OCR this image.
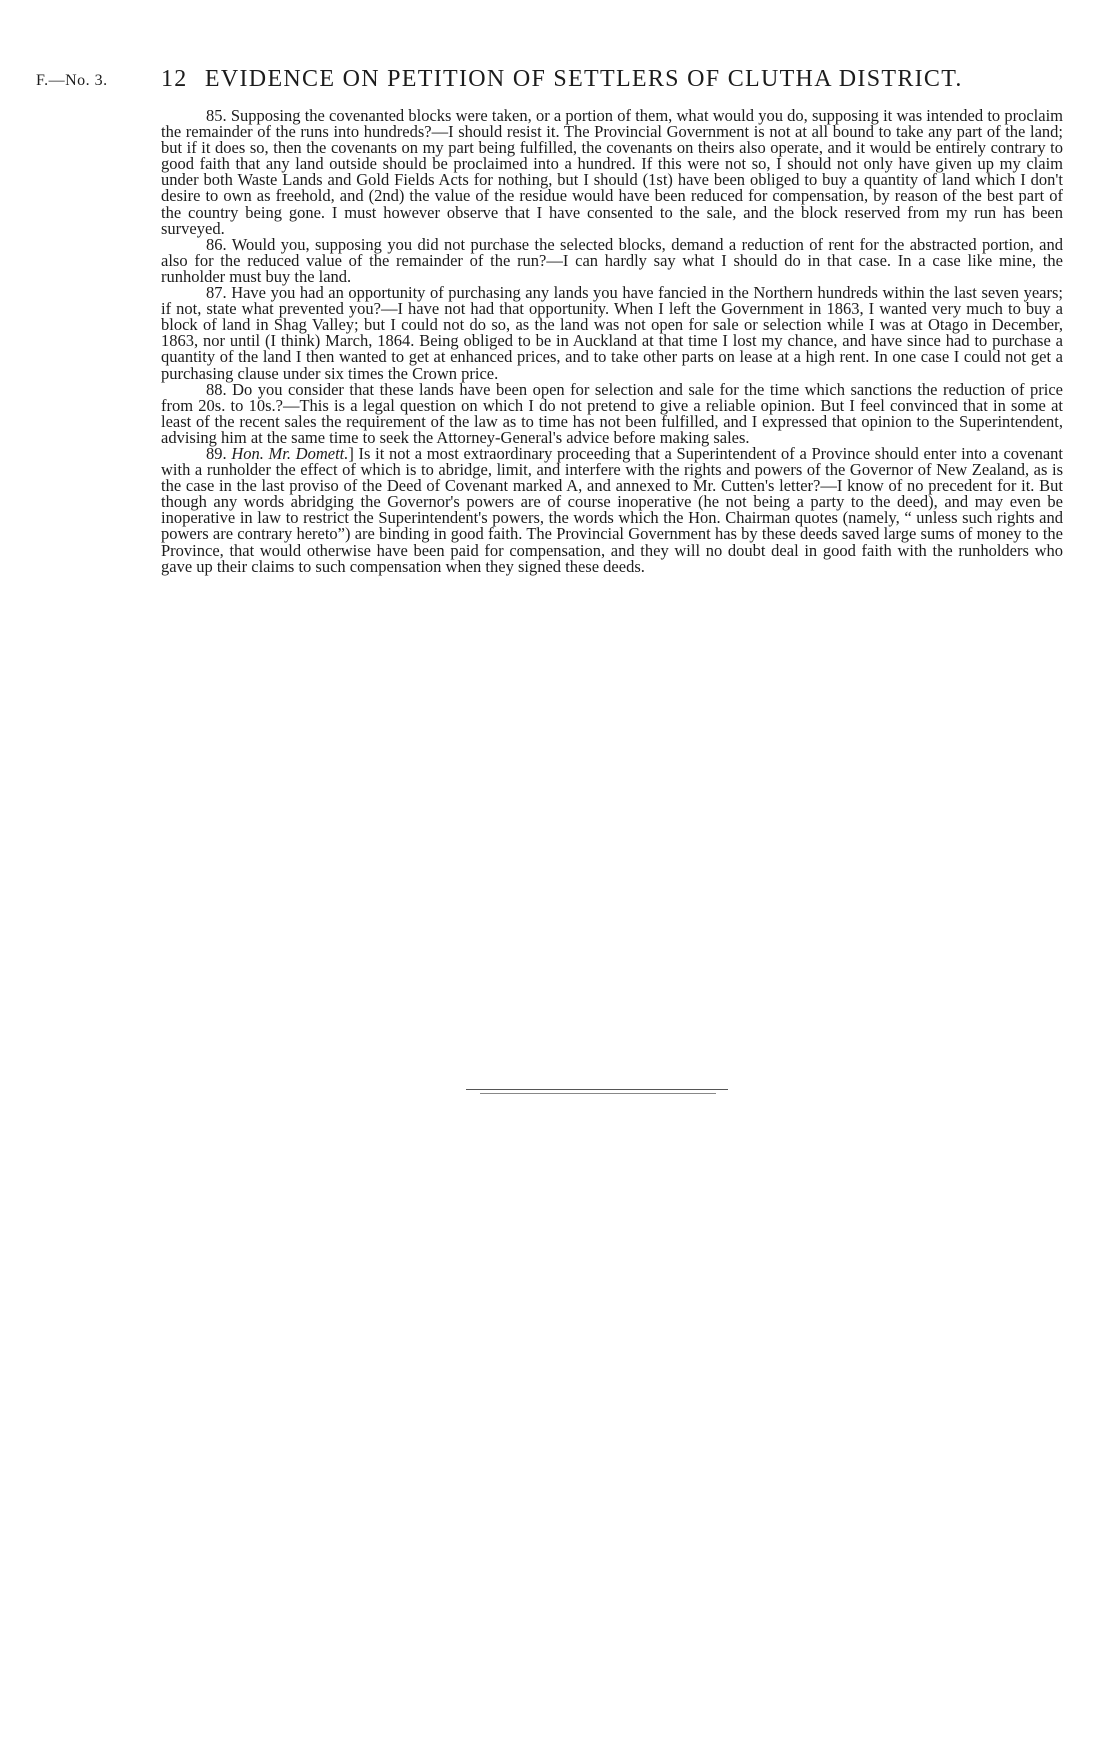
F.—No. 3. 12 EVIDENCE ON PETITION OF SETTLERS OF CLUTHA DISTRICT.

85. Supposing the covenanted blocks were taken, or a portion of them, what would you do, supposing it was intended to proclaim the remainder of the runs into hundreds?—I should resist it. The Provincial Government is not at all bound to take any part of the land; but if it does so, then the covenants on my part being fulfilled, the covenants on theirs also operate, and it would be entirely contrary to good faith that any land outside should be proclaimed into a hundred. If this were not so, I should not only have given up my claim under both Waste Lands and Gold Fields Acts for nothing, but I should (1st) have been obliged to buy a quantity of land which I don't desire to own as freehold, and (2nd) the value of the residue would have been reduced for compensation, by reason of the best part of the country being gone. I must however observe that I have consented to the sale, and the block reserved from my run has been surveyed.

86. Would you, supposing you did not purchase the selected blocks, demand a reduction of rent for the abstracted portion, and also for the reduced value of the remainder of the run?—I can hardly say what I should do in that case. In a case like mine, the runholder must buy the land.

87. Have you had an opportunity of purchasing any lands you have fancied in the Northern hundreds within the last seven years; if not, state what prevented you?—I have not had that opportunity. When I left the Government in 1863, I wanted very much to buy a block of land in Shag Valley; but I could not do so, as the land was not open for sale or selection while I was at Otago in December, 1863, nor until (I think) March, 1864. Being obliged to be in Auckland at that time I lost my chance, and have since had to purchase a quantity of the land I then wanted to get at enhanced prices, and to take other parts on lease at a high rent. In one case I could not get a purchasing clause under six times the Crown price.

88. Do you consider that these lands have been open for selection and sale for the time which sanctions the reduction of price from 20s. to 10s.?—This is a legal question on which I do not pretend to give a reliable opinion. But I feel convinced that in some at least of the recent sales the requirement of the law as to time has not been fulfilled, and I expressed that opinion to the Superintendent, advising him at the same time to seek the Attorney-General's advice before making sales.

89. Hon. Mr. Domett.] Is it not a most extraordinary proceeding that a Superintendent of a Province should enter into a covenant with a runholder the effect of which is to abridge, limit, and interfere with the rights and powers of the Governor of New Zealand, as is the case in the last proviso of the Deed of Covenant marked A, and annexed to Mr. Cutten's letter?—I know of no precedent for it. But though any words abridging the Governor's powers are of course inoperative (he not being a party to the deed), and may even be inoperative in law to restrict the Superintendent's powers, the words which the Hon. Chairman quotes (namely, “ unless such rights and powers are contrary hereto”) are binding in good faith. The Provincial Government has by these deeds saved large sums of money to the Province, that would otherwise have been paid for compensation, and they will no doubt deal in good faith with the runholders who gave up their claims to such compensation when they signed these deeds.
